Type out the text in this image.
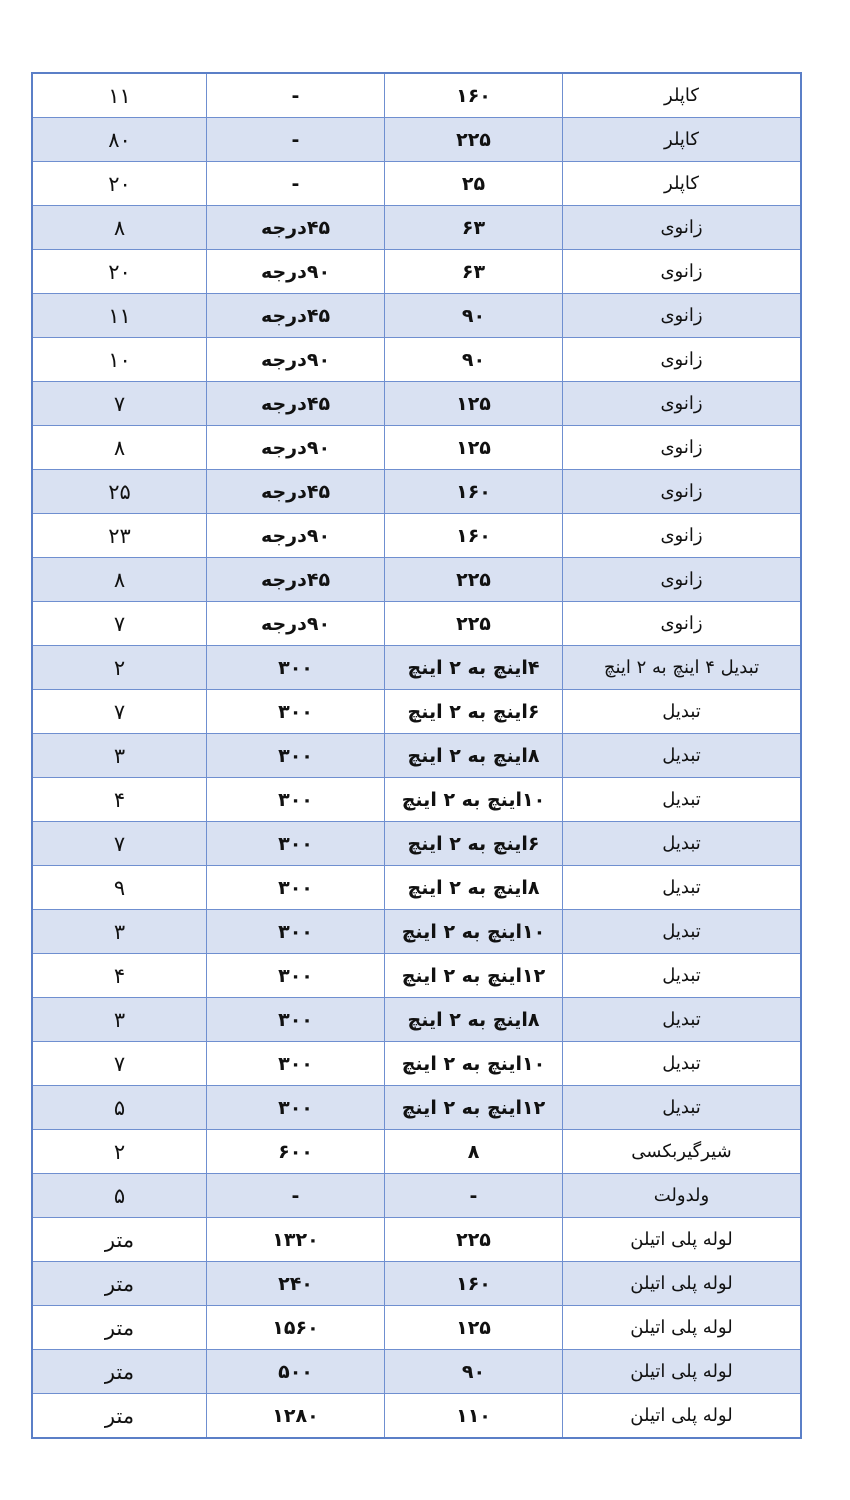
۱۱	-	۱۶۰	کاپلر
۸۰	-	۲۲۵	کاپلر
۲۰	-	۲۵	کاپلر
۸	۴۵درجه	۶۳	زانوی
۲۰	۹۰درجه	۶۳	زانوی
۱۱	۴۵درجه	۹۰	زانوی
۱۰	۹۰درجه	۹۰	زانوی
۷	۴۵درجه	۱۲۵	زانوی
۸	۹۰درجه	۱۲۵	زانوی
۲۵	۴۵درجه	۱۶۰	زانوی
۲۳	۹۰درجه	۱۶۰	زانوی
۸	۴۵درجه	۲۲۵	زانوی
۷	۹۰درجه	۲۲۵	زانوی
۲	۳۰۰	۴اینچ به ۲ اینچ	تبدیل ۴ اینچ به ۲ اینچ
۷	۳۰۰	۶اینچ به ۲ اینچ	تبدیل
۳	۳۰۰	۸اینچ به ۲ اینچ	تبدیل
۴	۳۰۰	۱۰اینچ به ۲ اینچ	تبدیل
۷	۳۰۰	۶اینچ به ۲ اینچ	تبدیل
۹	۳۰۰	۸اینچ به ۲ اینچ	تبدیل
۳	۳۰۰	۱۰اینچ به ۲ اینچ	تبدیل
۴	۳۰۰	۱۲اینچ به ۲ اینچ	تبدیل
۳	۳۰۰	۸اینچ به ۲ اینچ	تبدیل
۷	۳۰۰	۱۰اینچ به ۲ اینچ	تبدیل
۵	۳۰۰	۱۲اینچ به ۲ اینچ	تبدیل
۲	۶۰۰	۸	شیرگیربکسی
۵	-	-	ولدولت
متر	۱۳۲۰	۲۲۵	لوله پلی اتیلن
متر	۲۴۰	۱۶۰	لوله پلی اتیلن
متر	۱۵۶۰	۱۲۵	لوله پلی اتیلن
متر	۵۰۰	۹۰	لوله پلی اتیلن
متر	۱۲۸۰	۱۱۰	لوله پلی اتیلن
